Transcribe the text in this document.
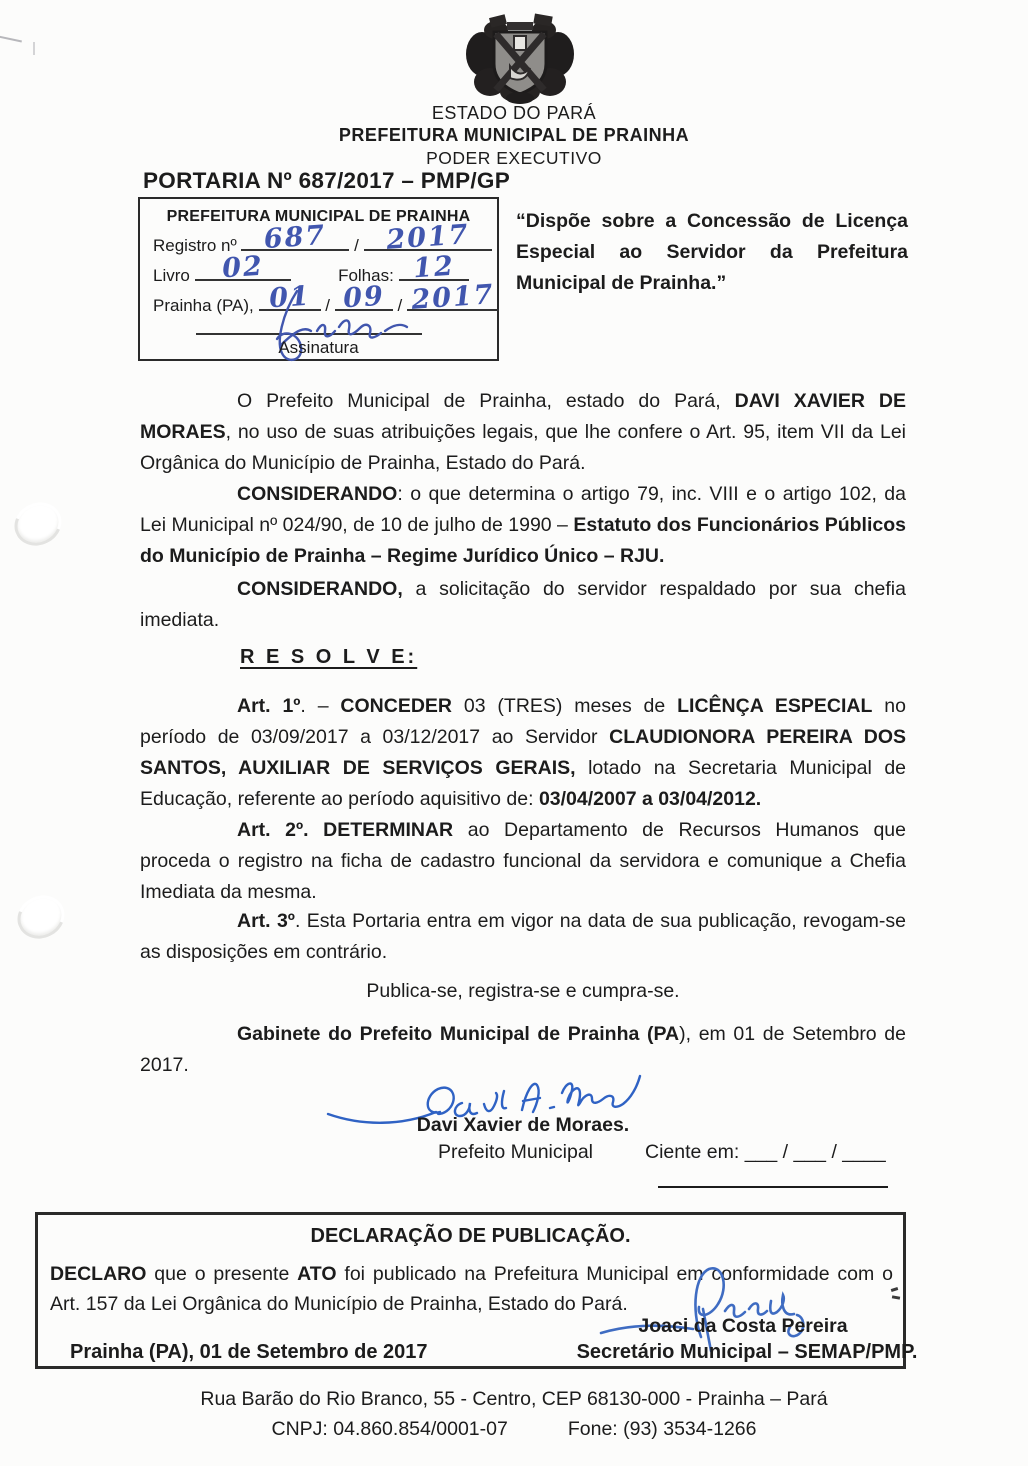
ESTADO DO PARÁ
PREFEITURA MUNICIPAL DE PRAINHA
PODER EXECUTIVO
PORTARIA Nº 687/2017 – PMP/GP
PREFEITURA MUNICIPAL DE PRAINHA
Registro nº 687 / 2017
Livro 02	Folhas: 12
Prainha (PA), 01 / 09 / 2017
Assinatura
“Dispõe sobre a Concessão de Licença Especial ao Servidor da Prefeitura Municipal de Prainha.”

O Prefeito Municipal de Prainha, estado do Pará, DAVI XAVIER DE MORAES, no uso de suas atribuições legais, que lhe confere o Art. 95, item VII da Lei Orgânica do Município de Prainha, Estado do Pará.

CONSIDERANDO: o que determina o artigo 79, inc. VIII e o artigo 102, da Lei Municipal nº 024/90, de 10 de julho de 1990 – Estatuto dos Funcionários Públicos do Município de Prainha – Regime Jurídico Único – RJU.

CONSIDERANDO, a solicitação do servidor respaldado por sua chefia imediata.

R E S O L V E:

Art. 1º. – CONCEDER 03 (TRES) meses de LICÊNÇA ESPECIAL no período de 03/09/2017 a 03/12/2017 ao Servidor CLAUDIONORA PEREIRA DOS SANTOS, AUXILIAR DE SERVIÇOS GERAIS, lotado na Secretaria Municipal de Educação, referente ao período aquisitivo de: 03/04/2007 a 03/04/2012.

Art. 2º. DETERMINAR ao Departamento de Recursos Humanos que proceda o registro na ficha de cadastro funcional da servidora e comunique a Chefia Imediata da mesma.

Art. 3º. Esta Portaria entra em vigor na data de sua publicação, revogam-se as disposições em contrário.

Publica-se, registra-se e cumpra-se.

Gabinete do Prefeito Municipal de Prainha (PA), em 01 de Setembro de 2017.

Davi Xavier de Moraes.
Prefeito Municipal	Ciente em: ___ / ___ / ____
DECLARAÇÃO DE PUBLICAÇÃO.

DECLARO que o presente ATO foi publicado na Prefeitura Municipal em conformidade com o Art. 157 da Lei Orgânica do Município de Prainha, Estado do Pará.

Joaci da Costa Pereira
Prainha (PA), 01 de Setembro de 2017	Secretário Municipal – SEMAP/PMP.
Rua Barão do Rio Branco, 55 - Centro, CEP 68130-000 - Prainha – Pará
CNPJ: 04.860.854/0001-07	Fone: (93) 3534-1266
